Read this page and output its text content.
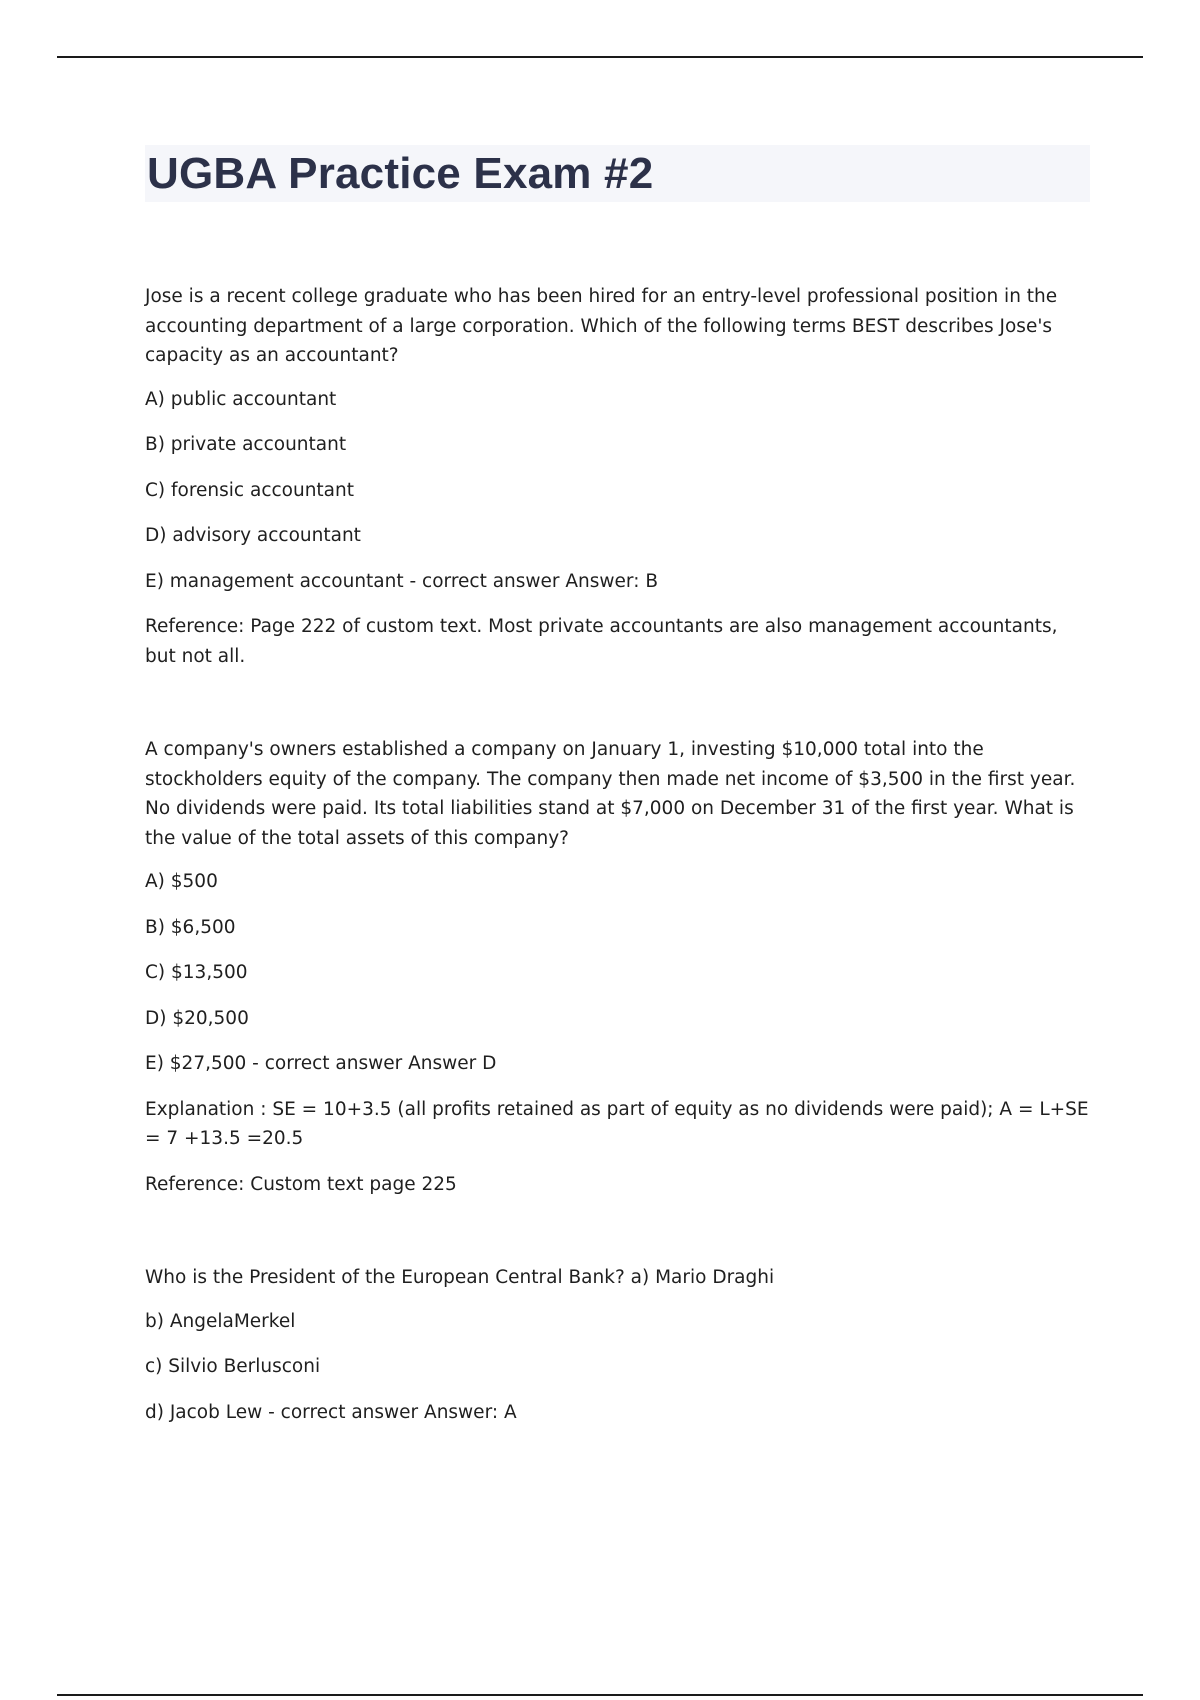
UGBA Practice Exam #2

Jose is a recent college graduate who has been hired for an entry-level professional position in the accounting department of a large corporation. Which of the following terms BEST describes Jose's capacity as an accountant?

A) public accountant

B) private accountant

C) forensic accountant

D) advisory accountant

E) management accountant - correct answer Answer: B

Reference: Page 222 of custom text. Most private accountants are also management accountants, but not all.

A company's owners established a company on January 1, investing $10,000 total into the stockholders equity of the company. The company then made net income of $3,500 in the first year. No dividends were paid. Its total liabilities stand at $7,000 on December 31 of the first year. What is the value of the total assets of this company?

A) $500

B) $6,500

C) $13,500

D) $20,500

E) $27,500 - correct answer Answer D

Explanation : SE = 10+3.5 (all profits retained as part of equity as no dividends were paid); A = L+SE = 7 +13.5 =20.5

Reference: Custom text page 225

Who is the President of the European Central Bank? a) Mario Draghi

b) AngelaMerkel

c) Silvio Berlusconi

d) Jacob Lew - correct answer Answer: A
